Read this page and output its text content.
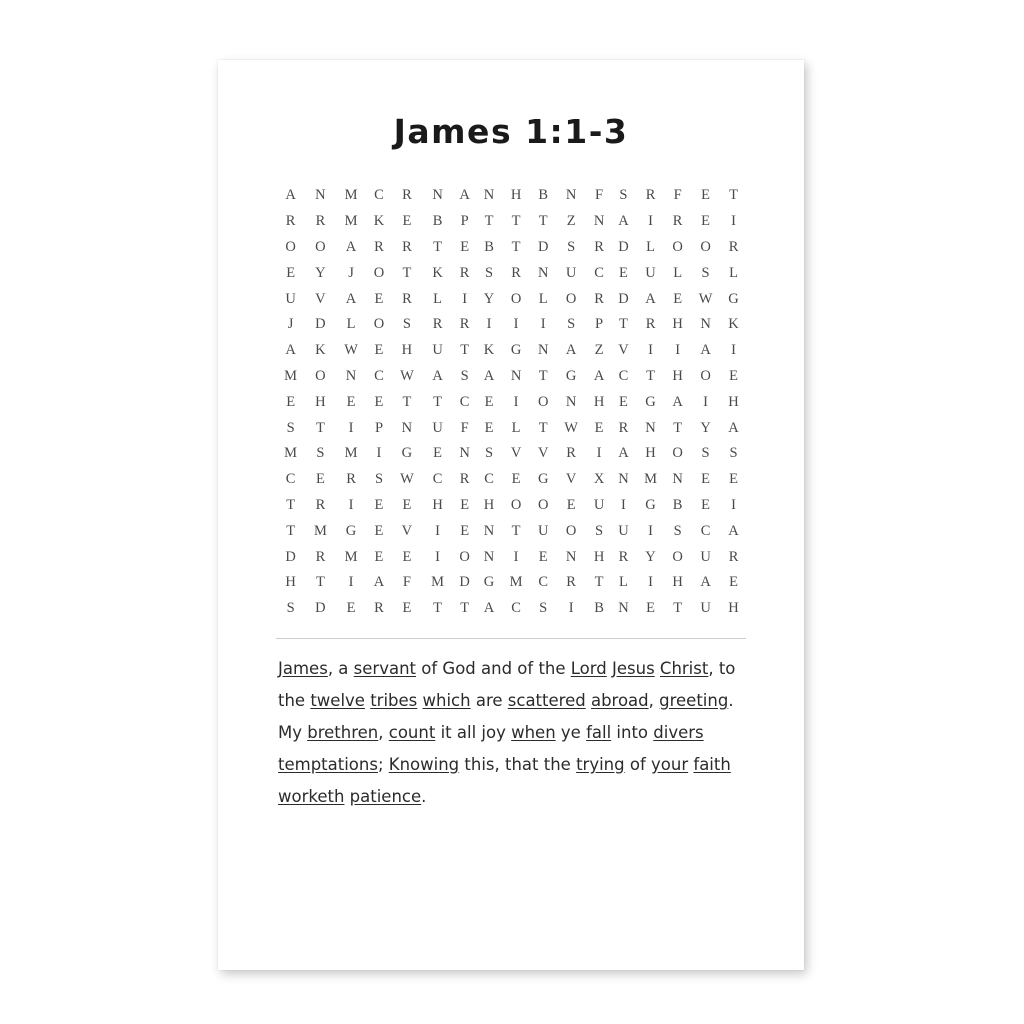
James 1:1-3
A	N	M	C	R	N	A	N	H	B	N	F	S	R	F	E	T
R	R	M	K	E	B	P	T	T	T	Z	N	A	I	R	E	I
O	O	A	R	R	T	E	B	T	D	S	R	D	L	O	O	R
E	Y	J	O	T	K	R	S	R	N	U	C	E	U	L	S	L
U	V	A	E	R	L	I	Y	O	L	O	R	D	A	E	W	G
J	D	L	O	S	R	R	I	I	I	S	P	T	R	H	N	K
A	K	W	E	H	U	T	K	G	N	A	Z	V	I	I	A	I
M	O	N	C	W	A	S	A	N	T	G	A	C	T	H	O	E
E	H	E	E	T	T	C	E	I	O	N	H	E	G	A	I	H
S	T	I	P	N	U	F	E	L	T	W	E	R	N	T	Y	A
M	S	M	I	G	E	N	S	V	V	R	I	A	H	O	S	S
C	E	R	S	W	C	R	C	E	G	V	X	N	M	N	E	E
T	R	I	E	E	H	E	H	O	O	E	U	I	G	B	E	I
T	M	G	E	V	I	E	N	T	U	O	S	U	I	S	C	A
D	R	M	E	E	I	O	N	I	E	N	H	R	Y	O	U	R
H	T	I	A	F	M	D	G	M	C	R	T	L	I	H	A	E
S	D	E	R	E	T	T	A	C	S	I	B	N	E	T	U	H
James, a servant of God and of the Lord Jesus Christ, to the twelve tribes which are scattered abroad, greeting. My brethren, count it all joy when ye fall into divers temptations; Knowing this, that the trying of your faith worketh patience.
